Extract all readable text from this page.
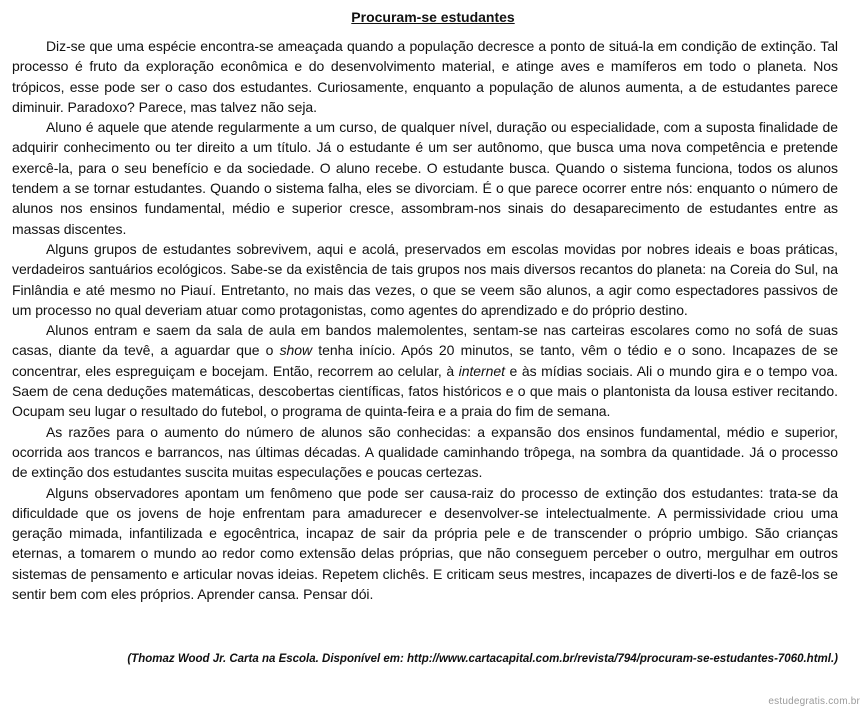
Procuram-se estudantes

Diz-se que uma espécie encontra-se ameaçada quando a população decresce a ponto de situá-la em condição de extinção. Tal processo é fruto da exploração econômica e do desenvolvimento material, e atinge aves e mamíferos em todo o planeta. Nos trópicos, esse pode ser o caso dos estudantes. Curiosamente, enquanto a população de alunos aumenta, a de estudantes parece diminuir. Paradoxo? Parece, mas talvez não seja.

Aluno é aquele que atende regularmente a um curso, de qualquer nível, duração ou especialidade, com a suposta finalidade de adquirir conhecimento ou ter direito a um título. Já o estudante é um ser autônomo, que busca uma nova competência e pretende exercê-la, para o seu benefício e da sociedade. O aluno recebe. O estudante busca. Quando o sistema funciona, todos os alunos tendem a se tornar estudantes. Quando o sistema falha, eles se divorciam. É o que parece ocorrer entre nós: enquanto o número de alunos nos ensinos fundamental, médio e superior cresce, assombram-nos sinais do desaparecimento de estudantes entre as massas discentes.

Alguns grupos de estudantes sobrevivem, aqui e acolá, preservados em escolas movidas por nobres ideais e boas práticas, verdadeiros santuários ecológicos. Sabe-se da existência de tais grupos nos mais diversos recantos do planeta: na Coreia do Sul, na Finlândia e até mesmo no Piauí. Entretanto, no mais das vezes, o que se veem são alunos, a agir como espectadores passivos de um processo no qual deveriam atuar como protagonistas, como agentes do aprendizado e do próprio destino.

Alunos entram e saem da sala de aula em bandos malemolentes, sentam-se nas carteiras escolares como no sofá de suas casas, diante da tevê, a aguardar que o show tenha início. Após 20 minutos, se tanto, vêm o tédio e o sono. Incapazes de se concentrar, eles espreguiçam e bocejam. Então, recorrem ao celular, à internet e às mídias sociais. Ali o mundo gira e o tempo voa. Saem de cena deduções matemáticas, descobertas científicas, fatos históricos e o que mais o plantonista da lousa estiver recitando. Ocupam seu lugar o resultado do futebol, o programa de quinta-feira e a praia do fim de semana.

As razões para o aumento do número de alunos são conhecidas: a expansão dos ensinos fundamental, médio e superior, ocorrida aos trancos e barrancos, nas últimas décadas. A qualidade caminhando trôpega, na sombra da quantidade. Já o processo de extinção dos estudantes suscita muitas especulações e poucas certezas.

Alguns observadores apontam um fenômeno que pode ser causa-raiz do processo de extinção dos estudantes: trata-se da dificuldade que os jovens de hoje enfrentam para amadurecer e desenvolver-se intelectualmente. A permissividade criou uma geração mimada, infantilizada e egocêntrica, incapaz de sair da própria pele e de transcender o próprio umbigo. São crianças eternas, a tomarem o mundo ao redor como extensão delas próprias, que não conseguem perceber o outro, mergulhar em outros sistemas de pensamento e articular novas ideias. Repetem clichês. E criticam seus mestres, incapazes de diverti-los e de fazê-los se sentir bem com eles próprios. Aprender cansa. Pensar dói.

(Thomaz Wood Jr. Carta na Escola. Disponível em: http://www.cartacapital.com.br/revista/794/procuram-se-estudantes-7060.html.)
estudegratis.com.br
